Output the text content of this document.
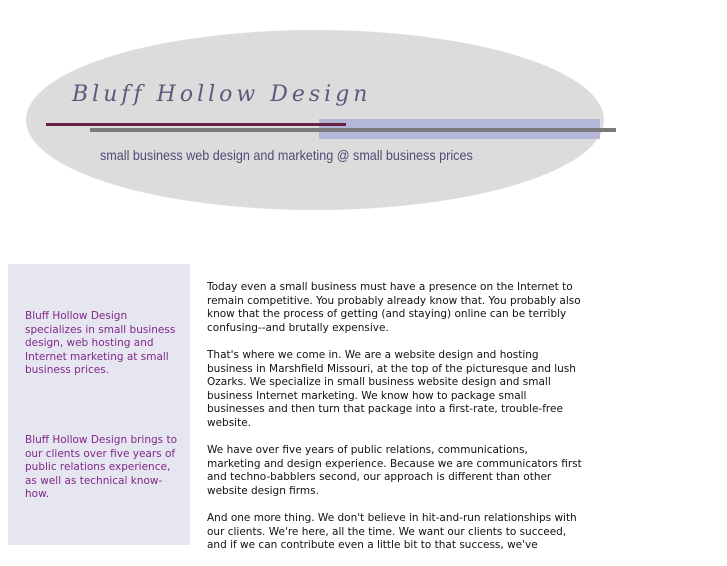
Bluff Hollow Design
small business web design and marketing @ small business prices
Bluff Hollow Design specializes in small business design, web hosting and Internet marketing at small business prices.
Bluff Hollow Design brings to our clients over five years of public relations experience, as well as technical know-how.

Today even a small business must have a presence on the Internet to remain competitive. You probably already know that. You probably also know that the process of getting (and staying) online can be terribly confusing--and brutally expensive.

That's where we come in. We are a website design and hosting business in Marshfield Missouri, at the top of the picturesque and lush Ozarks. We specialize in small business website design and small business Internet marketing. We know how to package small businesses and then turn that package into a first-rate, trouble-free website.

We have over five years of public relations, communications, marketing and design experience. Because we are communicators first and techno-babblers second, our approach is different than other website design firms.

And one more thing. We don't believe in hit-and-run relationships with our clients. We're here, all the time. We want our clients to succeed, and if we can contribute even a little bit to that success, we've
